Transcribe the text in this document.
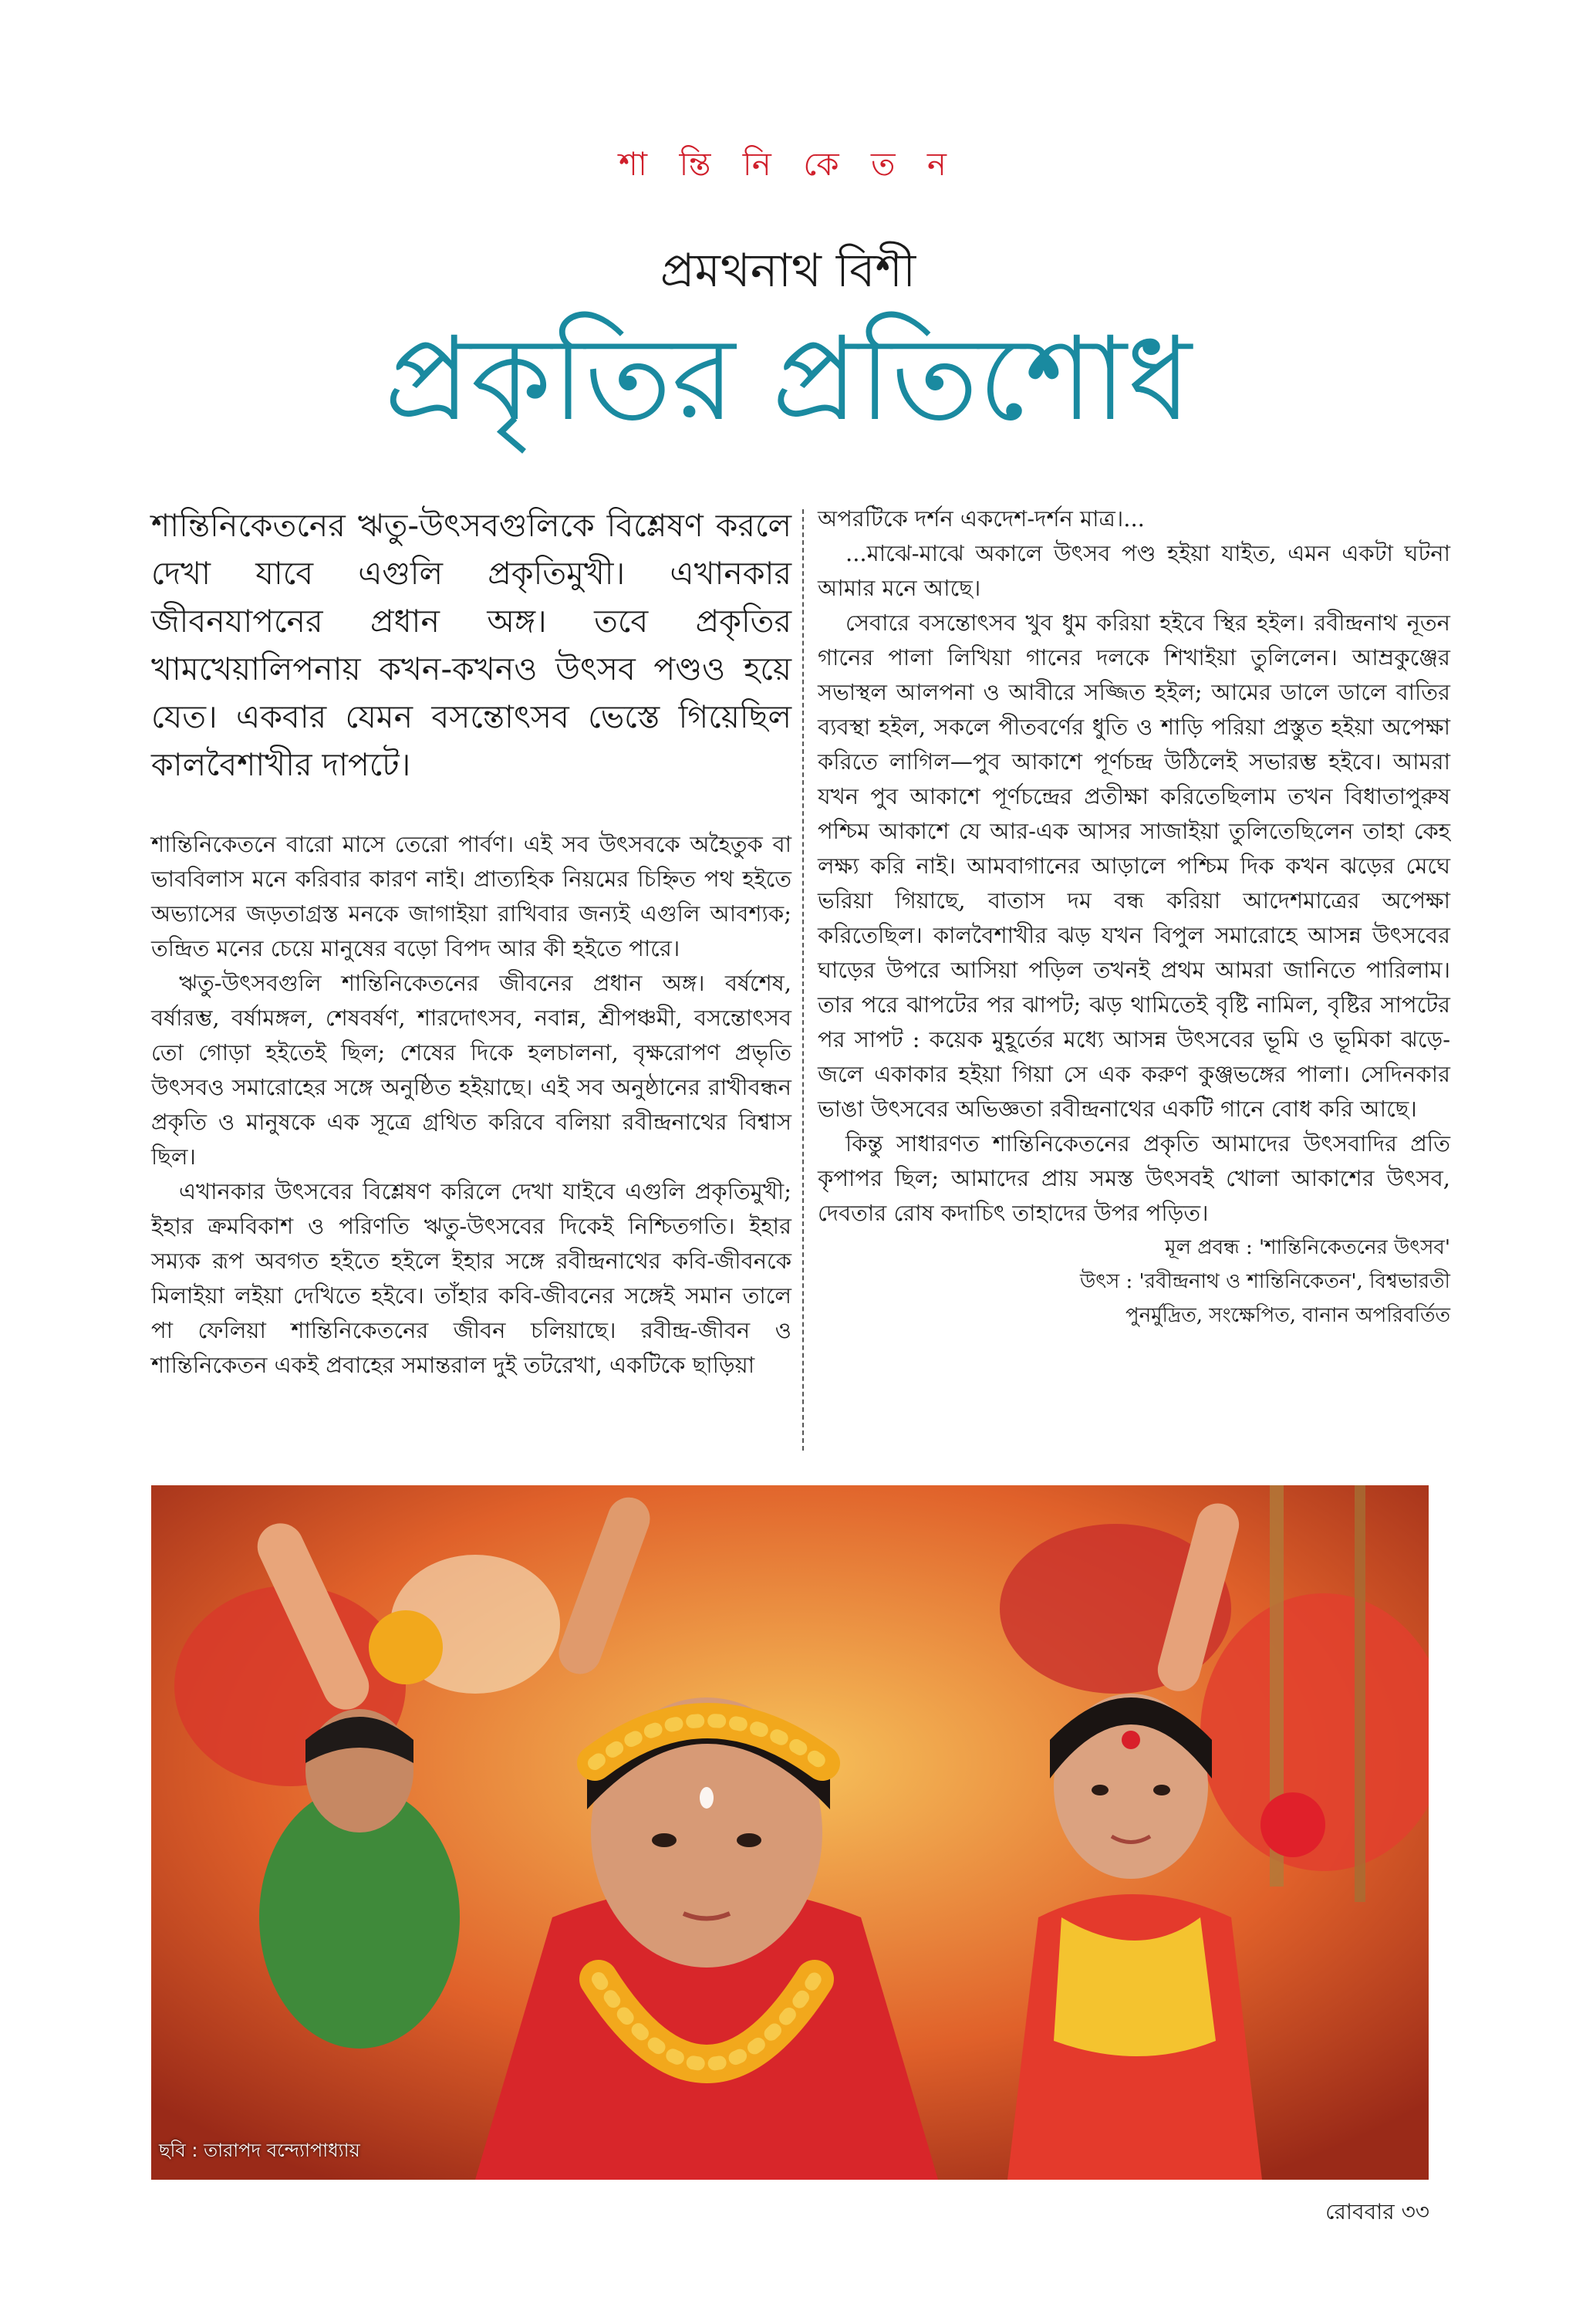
শা ন্তি নি কে ত ন
প্রমথনাথ বিশী
প্রকৃতির প্রতিশোধ

শান্তিনিকেতনের ঋতু-উৎসবগুলিকে বিশ্লেষণ করলে দেখা যাবে এগুলি প্রকৃতিমুখী। এখানকার জীবনযাপনের প্রধান অঙ্গ। তবে প্রকৃতির খামখেয়ালিপনায় কখন-কখনও উৎসব পণ্ডও হয়ে যেত। একবার যেমন বসন্তোৎসব ভেস্তে গিয়েছিল কালবৈশাখীর দাপটে।

শান্তিনিকেতনে বারো মাসে তেরো পার্বণ। এই সব উৎসবকে অহৈতুক বা ভাববিলাস মনে করিবার কারণ নাই। প্রাত্যহিক নিয়মের চিহ্নিত পথ হইতে অভ্যাসের জড়তাগ্রস্ত মনকে জাগাইয়া রাখিবার জন্যই এগুলি আবশ্যক; তন্দ্রিত মনের চেয়ে মানুষের বড়ো বিপদ আর কী হইতে পারে।

ঋতু-উৎসবগুলি শান্তিনিকেতনের জীবনের প্রধান অঙ্গ। বর্ষশেষ, বর্ষারম্ভ, বর্ষামঙ্গল, শেষবর্ষণ, শারদোৎসব, নবান্ন, শ্রীপঞ্চমী, বসন্তোৎসব তো গোড়া হইতেই ছিল; শেষের দিকে হলচালনা, বৃক্ষরোপণ প্রভৃতি উৎসবও সমারোহের সঙ্গে অনুষ্ঠিত হইয়াছে। এই সব অনুষ্ঠানের রাখীবন্ধন প্রকৃতি ও মানুষকে এক সূত্রে গ্রথিত করিবে বলিয়া রবীন্দ্রনাথের বিশ্বাস ছিল।

এখানকার উৎসবের বিশ্লেষণ করিলে দেখা যাইবে এগুলি প্রকৃতিমুখী; ইহার ক্রমবিকাশ ও পরিণতি ঋতু-উৎসবের দিকেই নিশ্চিতগতি। ইহার সম্যক রূপ অবগত হইতে হইলে ইহার সঙ্গে রবীন্দ্রনাথের কবি-জীবনকে মিলাইয়া লইয়া দেখিতে হইবে। তাঁহার কবি-জীবনের সঙ্গেই সমান তালে পা ফেলিয়া শান্তিনিকেতনের জীবন চলিয়াছে। রবীন্দ্র-জীবন ও শান্তিনিকেতন একই প্রবাহের সমান্তরাল দুই তটরেখা, একটিকে ছাড়িয়া

অপরটিকে দর্শন একদেশ-দর্শন মাত্র।...

...মাঝে-মাঝে অকালে উৎসব পণ্ড হইয়া যাইত, এমন একটা ঘটনা আমার মনে আছে।

সেবারে বসন্তোৎসব খুব ধুম করিয়া হইবে স্থির হইল। রবীন্দ্রনাথ নূতন গানের পালা লিখিয়া গানের দলকে শিখাইয়া তুলিলেন। আম্রকুঞ্জের সভাস্থল আলপনা ও আবীরে সজ্জিত হইল; আমের ডালে ডালে বাতির ব্যবস্থা হইল, সকলে পীতবর্ণের ধুতি ও শাড়ি পরিয়া প্রস্তুত হইয়া অপেক্ষা করিতে লাগিল—পুব আকাশে পূর্ণচন্দ্র উঠিলেই সভারম্ভ হইবে। আমরা যখন পুব আকাশে পূর্ণচন্দ্রের প্রতীক্ষা করিতেছিলাম তখন বিধাতাপুরুষ পশ্চিম আকাশে যে আর-এক আসর সাজাইয়া তুলিতেছিলেন তাহা কেহ লক্ষ্য করি নাই। আমবাগানের আড়ালে পশ্চিম দিক কখন ঝড়ের মেঘে ভরিয়া গিয়াছে, বাতাস দম বন্ধ করিয়া আদেশমাত্রের অপেক্ষা করিতেছিল। কালবৈশাখীর ঝড় যখন বিপুল সমারোহে আসন্ন উৎসবের ঘাড়ের উপরে আসিয়া পড়িল তখনই প্রথম আমরা জানিতে পারিলাম। তার পরে ঝাপটের পর ঝাপট; ঝড় থামিতেই বৃষ্টি নামিল, বৃষ্টির সাপটের পর সাপট : কয়েক মুহূর্তের মধ্যে আসন্ন উৎসবের ভূমি ও ভূমিকা ঝড়ে-জলে একাকার হইয়া গিয়া সে এক করুণ কুঞ্জভঙ্গের পালা। সেদিনকার ভাঙা উৎসবের অভিজ্ঞতা রবীন্দ্রনাথের একটি গানে বোধ করি আছে।

কিন্তু সাধারণত শান্তিনিকেতনের প্রকৃতি আমাদের উৎসবাদির প্রতি কৃপাপর ছিল; আমাদের প্রায় সমস্ত উৎসবই খোলা আকাশের উৎসব, দেবতার রোষ কদাচিৎ তাহাদের উপর পড়িত।

মূল প্রবন্ধ : 'শান্তিনিকেতনের উৎসব'

উৎস : 'রবীন্দ্রনাথ ও শান্তিনিকেতন', বিশ্বভারতী

পুনর্মুদ্রিত, সংক্ষেপিত, বানান অপরিবর্তিত

ছবি : তারাপদ বন্দ্যোপাধ্যায়
রোববার ৩৩
